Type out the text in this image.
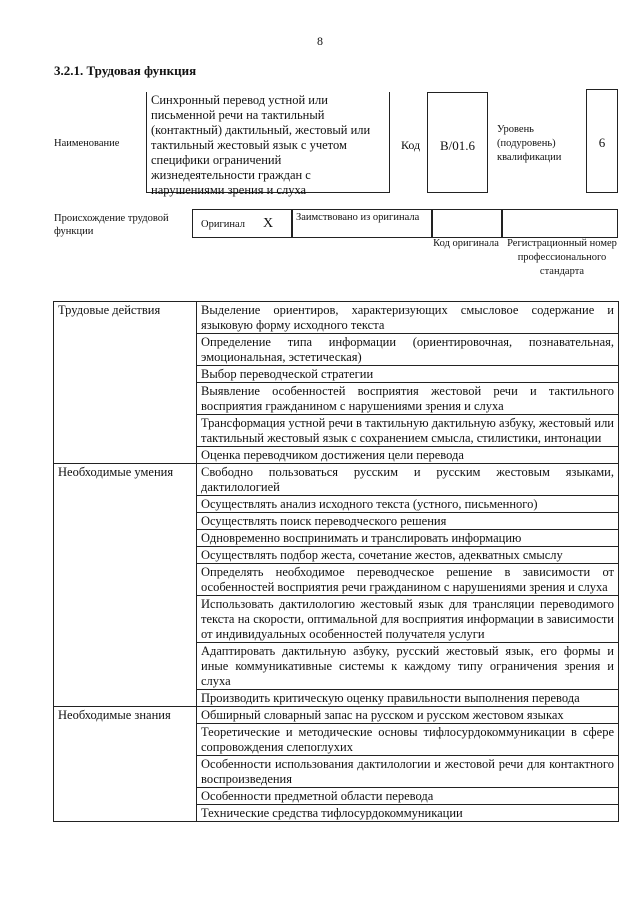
8
3.2.1. Трудовая функция
Наименование
Синхронный перевод устной или письменной речи на тактильный (контактный) дактильный, жестовый или тактильный жестовый язык с учетом специфики ограничений жизнедеятельности граждан с нарушениями зрения и слуха
Код	B/01.6
Уровень (подуровень) квалификации
6
Происхождение трудовой функции
Оригинал X	Заимствовано из оригинала
Код оригинала Регистрационный номер профессионального стандарта
Трудовые действия	Выделение ориентиров, характеризующих смысловое содержание и языковую форму исходного текста
	Определение типа информации (ориентировочная, познавательная, эмоциональная, эстетическая)
	Выбор переводческой стратегии
	Выявление особенностей восприятия жестовой речи и тактильного восприятия гражданином с нарушениями зрения и слуха
	Трансформация устной речи в тактильную дактильную азбуку, жестовый или тактильный жестовый язык с сохранением смысла, стилистики, интонации
	Оценка переводчиком достижения цели перевода
Необходимые умения	Свободно пользоваться русским и русским жестовым языками, дактилологией
	Осуществлять анализ исходного текста (устного, письменного)
	Осуществлять поиск переводческого решения
	Одновременно воспринимать и транслировать информацию
	Осуществлять подбор жеста, сочетание жестов, адекватных смыслу
	Определять необходимое переводческое решение в зависимости от особенностей восприятия речи гражданином с нарушениями зрения и слуха
	Использовать дактилологию жестовый язык для трансляции переводимого текста на скорости, оптимальной для восприятия информации в зависимости от индивидуальных особенностей получателя услуги
	Адаптировать дактильную азбуку, русский жестовый язык, его формы и иные коммуникативные системы к каждому типу ограничения зрения и слуха
	Производить критическую оценку правильности выполнения перевода
Необходимые знания	Обширный словарный запас на русском и русском жестовом языках
	Теоретические и методические основы тифлосурдокоммуникации в сфере сопровождения слепоглухих
	Особенности использования дактилологии и жестовой речи для контактного воспроизведения
	Особенности предметной области перевода
	Технические средства тифлосурдокоммуникации
